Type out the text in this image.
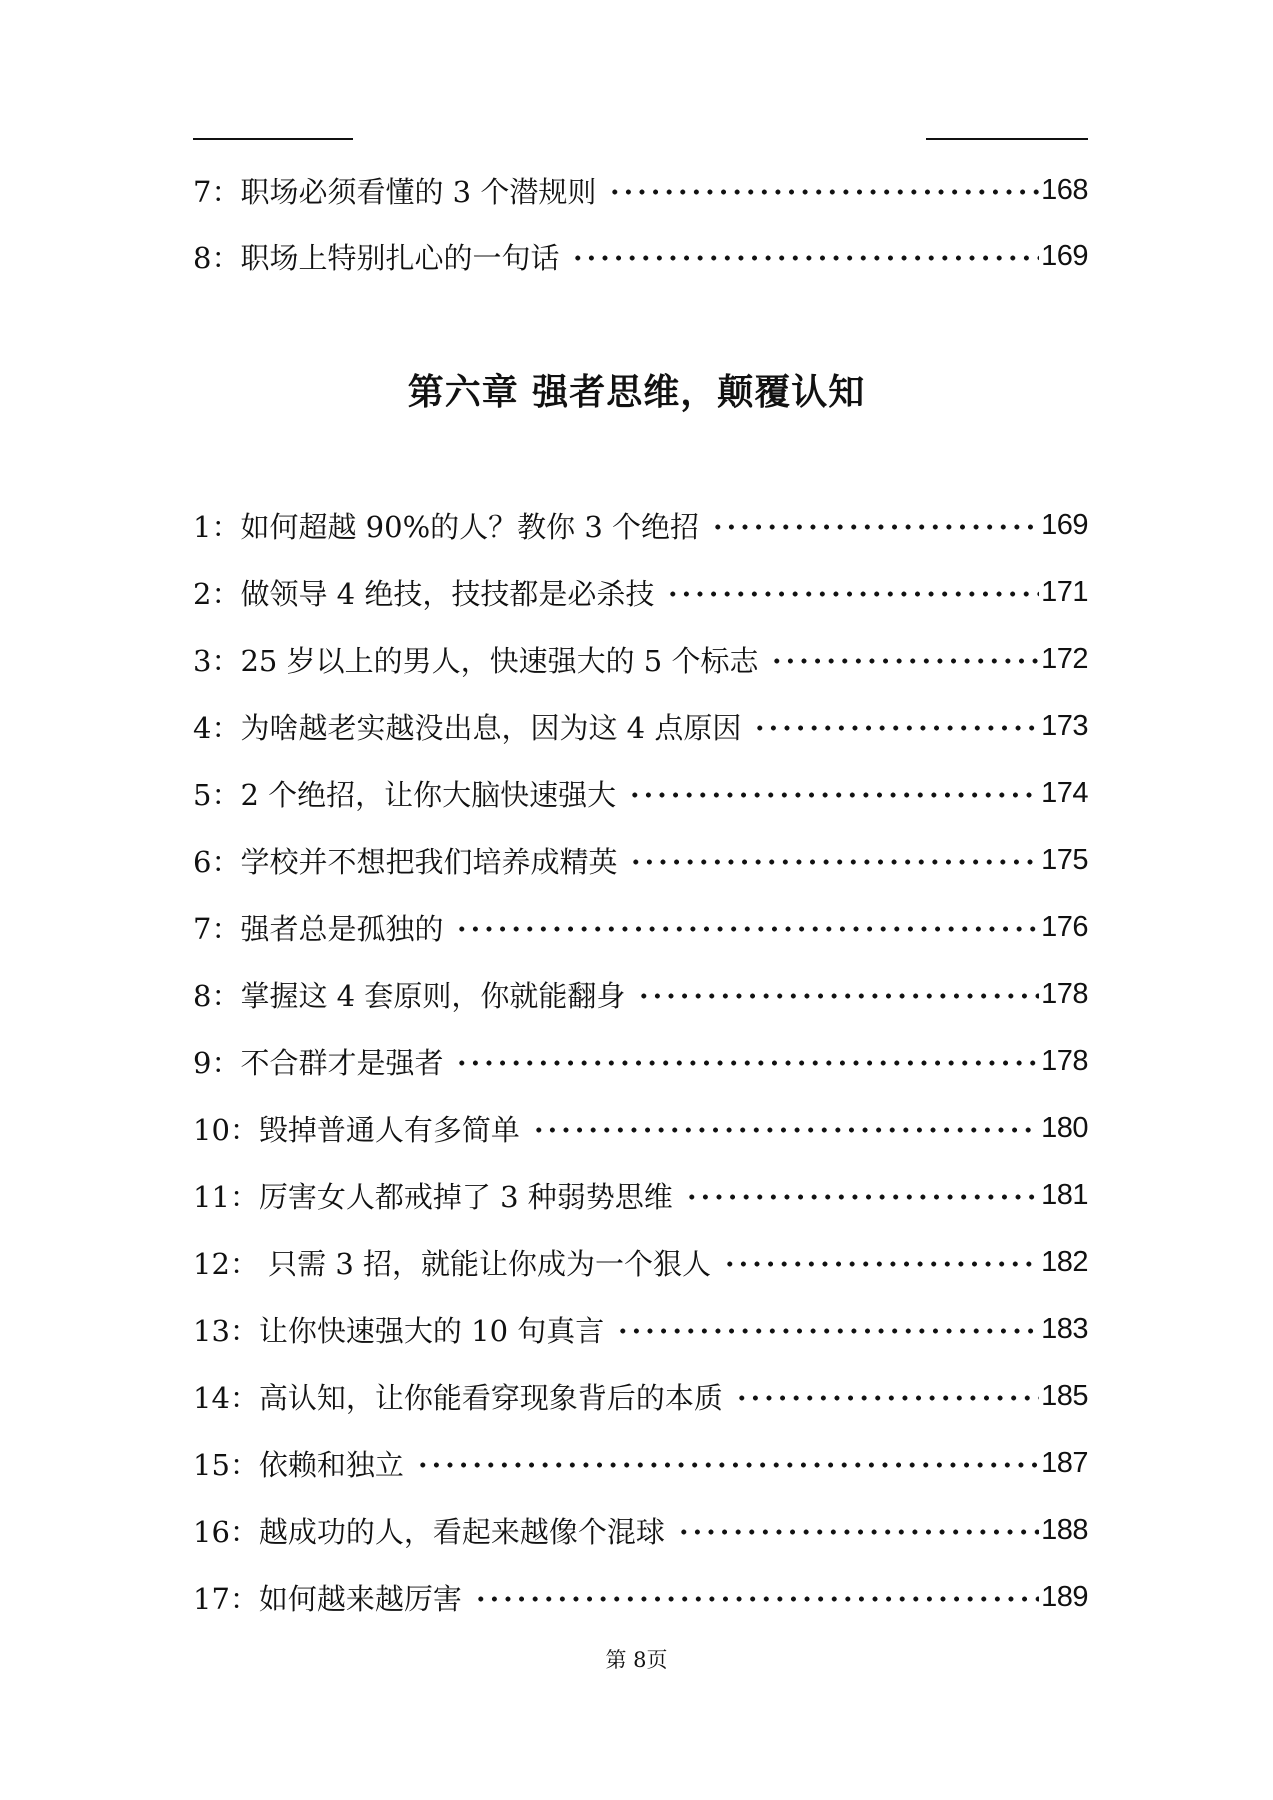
7： 职场必须看懂的 3 个潜规则	168
8： 职场上特别扎心的一句话	169
第六章 强者思维，颠覆认知
1： 如何超越 90%的人？教你 3 个绝招	169
2： 做领导 4 绝技，技技都是必杀技	171
3： 25 岁以上的男人，快速强大的 5 个标志	172
4： 为啥越老实越没出息，因为这 4 点原因	173
5： 2 个绝招，让你大脑快速强大	174
6： 学校并不想把我们培养成精英	175
7： 强者总是孤独的	176
8： 掌握这 4 套原则，你就能翻身	178
9： 不合群才是强者	178
10： 毁掉普通人有多简单	180
11： 厉害女人都戒掉了 3 种弱势思维	181
12： 只需 3 招，就能让你成为一个狠人	182
13： 让你快速强大的 10 句真言	183
14： 高认知，让你能看穿现象背后的本质	185
15： 依赖和独立	187
16： 越成功的人，看起来越像个混球	188
17： 如何越来越厉害	189
第 8页
